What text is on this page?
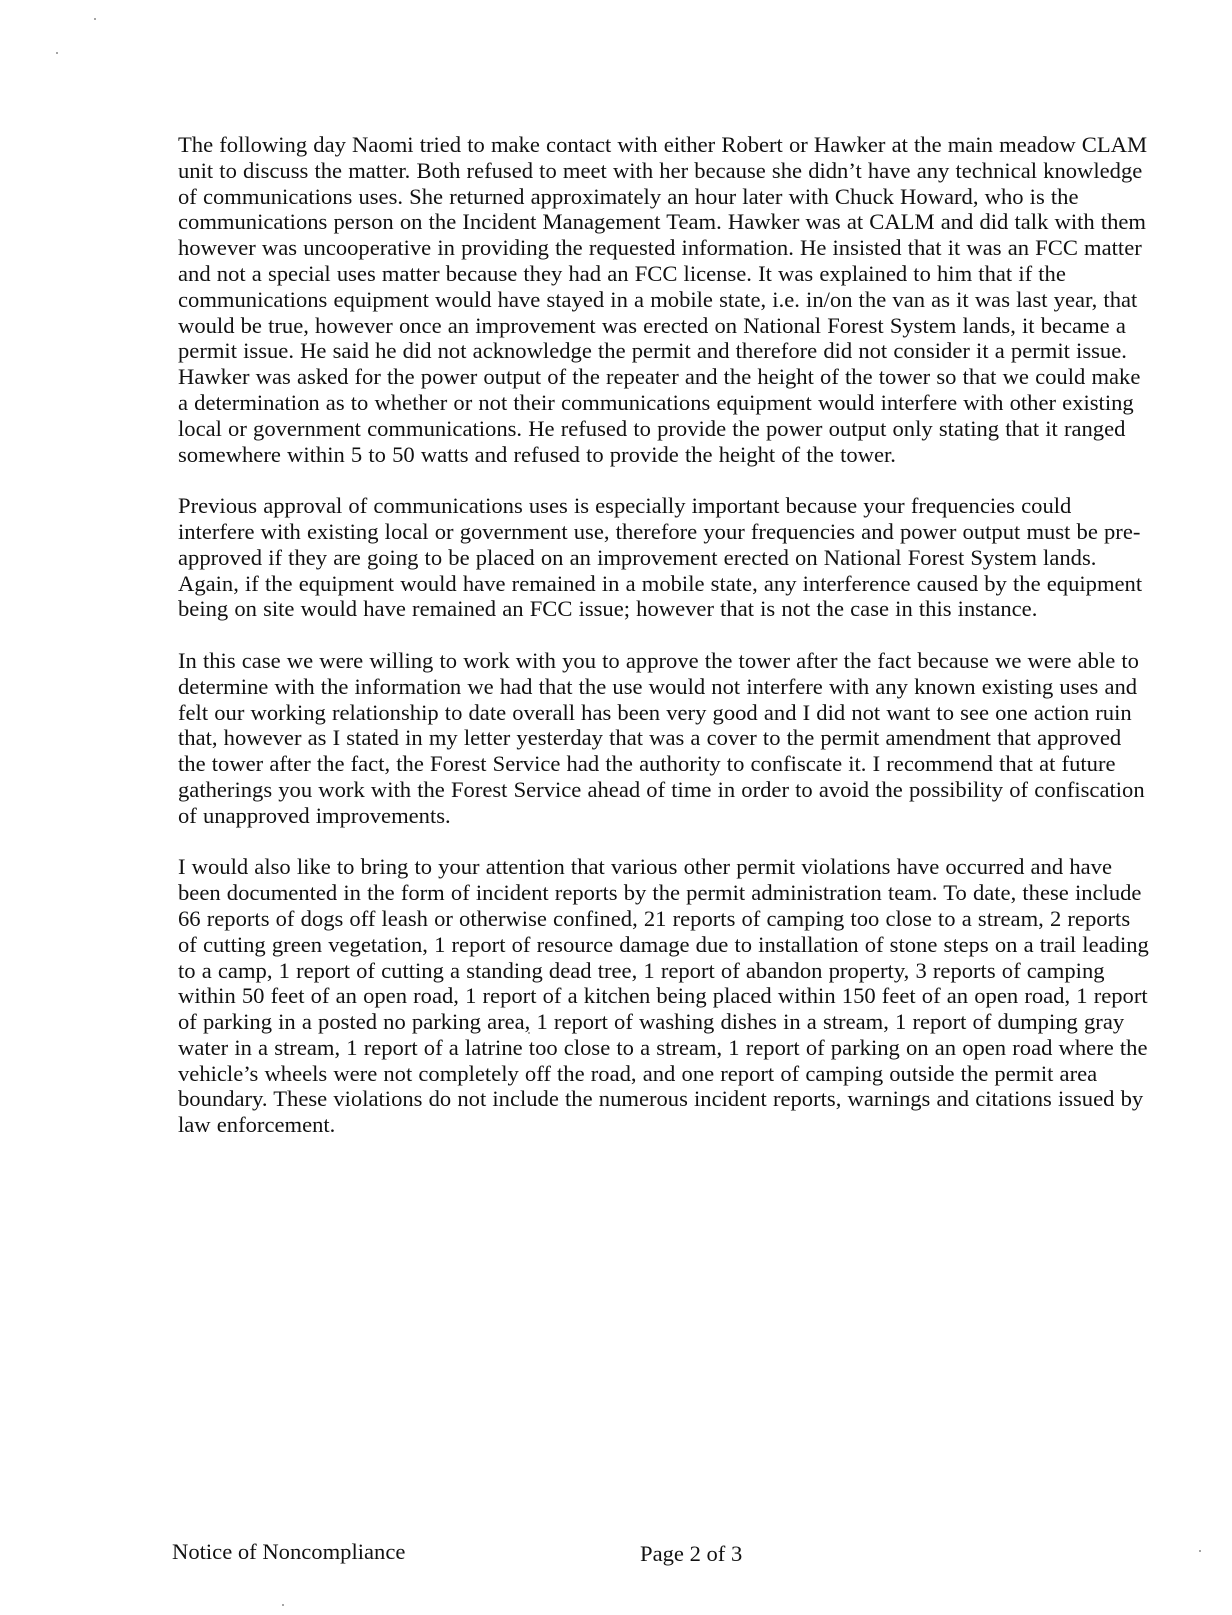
The following day Naomi tried to make contact with either Robert or Hawker at the main meadow CLAM unit to discuss the matter. Both refused to meet with her because she didn’t have any technical knowledge of communications uses. She returned approximately an hour later with Chuck Howard, who is the communications person on the Incident Management Team. Hawker was at CALM and did talk with them however was uncooperative in providing the requested information. He insisted that it was an FCC matter and not a special uses matter because they had an FCC license. It was explained to him that if the communications equipment would have stayed in a mobile state, i.e. in/on the van as it was last year, that would be true, however once an improvement was erected on National Forest System lands, it became a permit issue. He said he did not acknowledge the permit and therefore did not consider it a permit issue. Hawker was asked for the power output of the repeater and the height of the tower so that we could make a determination as to whether or not their communications equipment would interfere with other existing local or government communications. He refused to provide the power output only stating that it ranged somewhere within 5 to 50 watts and refused to provide the height of the tower.

Previous approval of communications uses is especially important because your frequencies could interfere with existing local or government use, therefore your frequencies and power output must be pre-approved if they are going to be placed on an improvement erected on National Forest System lands. Again, if the equipment would have remained in a mobile state, any interference caused by the equipment being on site would have remained an FCC issue; however that is not the case in this instance.

In this case we were willing to work with you to approve the tower after the fact because we were able to determine with the information we had that the use would not interfere with any known existing uses and felt our working relationship to date overall has been very good and I did not want to see one action ruin that, however as I stated in my letter yesterday that was a cover to the permit amendment that approved the tower after the fact, the Forest Service had the authority to confiscate it. I recommend that at future gatherings you work with the Forest Service ahead of time in order to avoid the possibility of confiscation of unapproved improvements.

I would also like to bring to your attention that various other permit violations have occurred and have been documented in the form of incident reports by the permit administration team. To date, these include 66 reports of dogs off leash or otherwise confined, 21 reports of camping too close to a stream, 2 reports of cutting green vegetation, 1 report of resource damage due to installation of stone steps on a trail leading to a camp, 1 report of cutting a standing dead tree, 1 report of abandon property, 3 reports of camping within 50 feet of an open road, 1 report of a kitchen being placed within 150 feet of an open road, 1 report of parking in a posted no parking area, 1 report of washing dishes in a stream, 1 report of dumping gray water in a stream, 1 report of a latrine too close to a stream, 1 report of parking on an open road where the vehicle’s wheels were not completely off the road, and one report of camping outside the permit area boundary. These violations do not include the numerous incident reports, warnings and citations issued by law enforcement.

Notice of Noncompliance	Page 2 of 3
